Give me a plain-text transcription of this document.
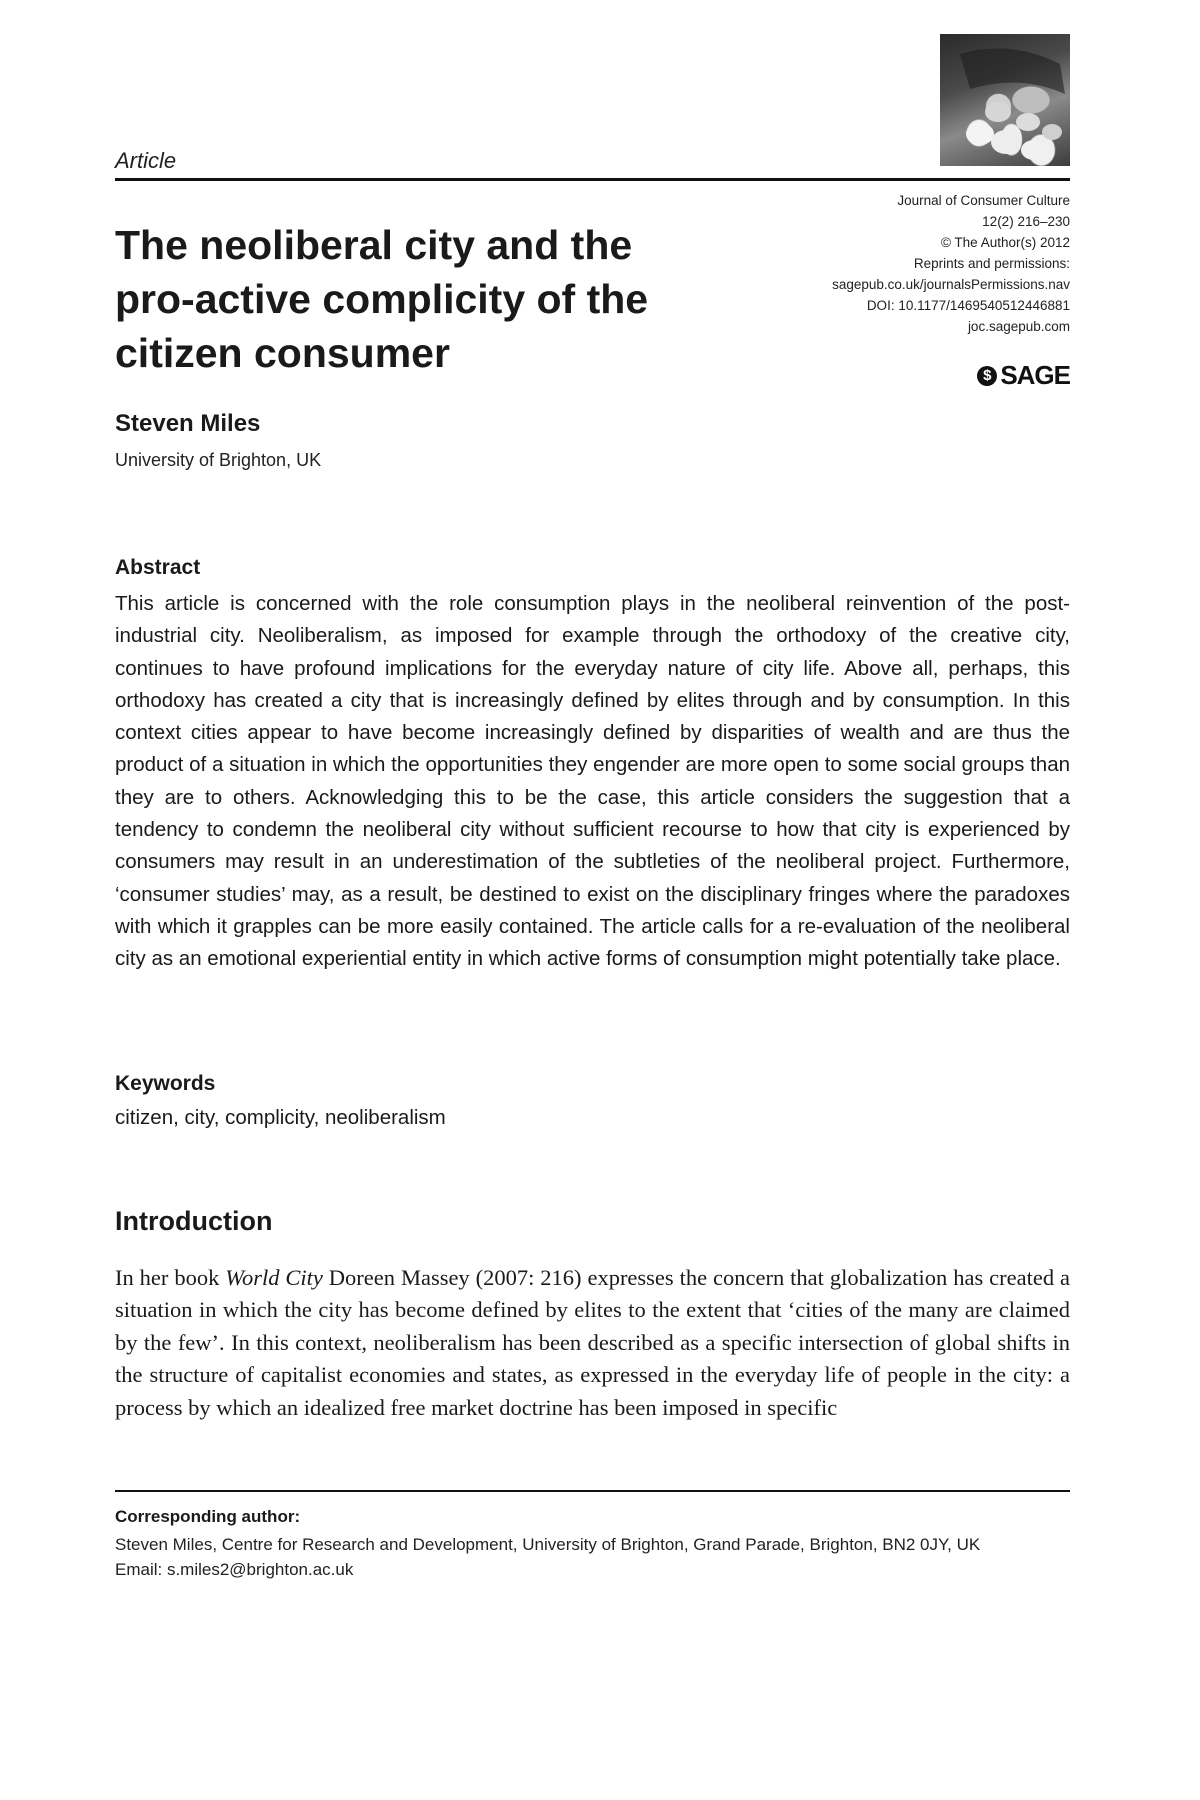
Article
Journal of Consumer Culture
12(2) 216–230
© The Author(s) 2012
Reprints and permissions:
sagepub.co.uk/journalsPermissions.nav
DOI: 10.1177/1469540512446881
joc.sagepub.com
$ SAGE
The neoliberal city and the pro-active complicity of the citizen consumer
Steven Miles
University of Brighton, UK
Abstract

This article is concerned with the role consumption plays in the neoliberal reinvention of the post-industrial city. Neoliberalism, as imposed for example through the orthodoxy of the creative city, continues to have profound implications for the everyday nature of city life. Above all, perhaps, this orthodoxy has created a city that is increasingly defined by elites through and by consumption. In this context cities appear to have become increasingly defined by disparities of wealth and are thus the product of a situation in which the opportunities they engender are more open to some social groups than they are to others. Acknowledging this to be the case, this article considers the suggestion that a tendency to condemn the neoliberal city without sufficient recourse to how that city is experienced by consumers may result in an underestimation of the subtleties of the neoliberal project. Furthermore, ‘consumer studies’ may, as a result, be destined to exist on the disciplinary fringes where the paradoxes with which it grapples can be more easily contained. The article calls for a re-evaluation of the neoliberal city as an emotional experiential entity in which active forms of consumption might potentially take place.

Keywords
citizen, city, complicity, neoliberalism
Introduction

In her book World City Doreen Massey (2007: 216) expresses the concern that globalization has created a situation in which the city has become defined by elites to the extent that ‘cities of the many are claimed by the few’. In this context, neoliberalism has been described as a specific intersection of global shifts in the structure of capitalist economies and states, as expressed in the everyday life of people in the city: a process by which an idealized free market doctrine has been imposed in specific

Corresponding author:

Steven Miles, Centre for Research and Development, University of Brighton, Grand Parade, Brighton, BN2 0JY, UK
Email: s.miles2@brighton.ac.uk
